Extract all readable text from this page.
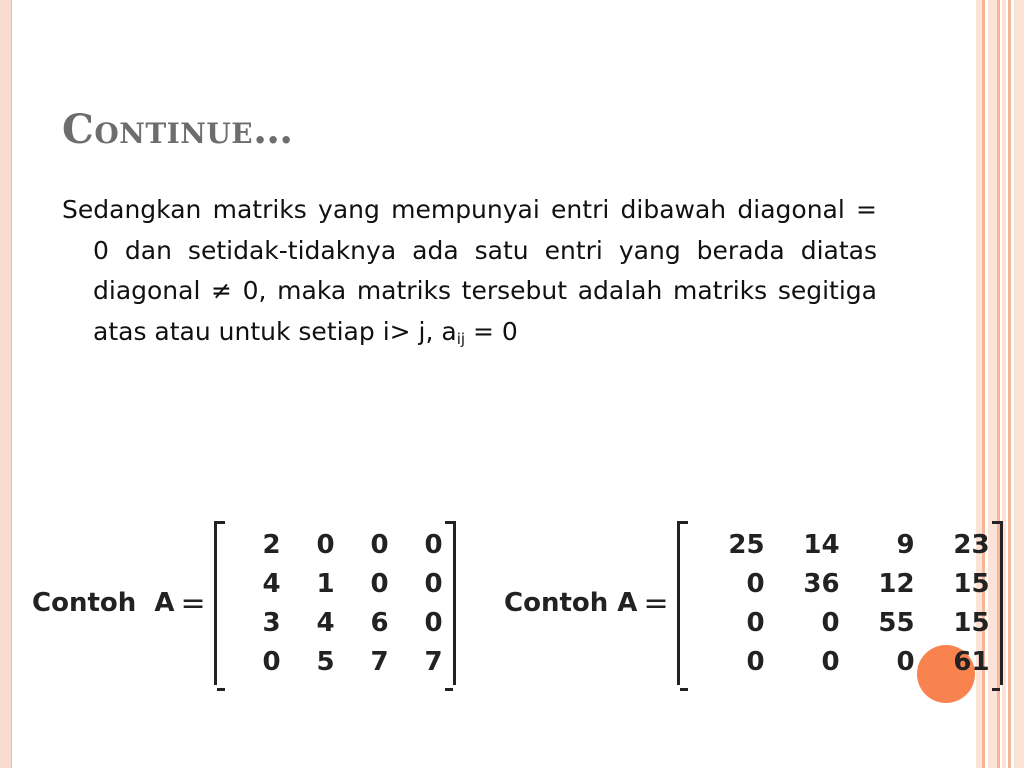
Continue…

Sedangkan matriks yang mempunyai entri dibawah diagonal = 0 dan setidak-tidaknya ada satu entri yang berada diatas diagonal ≠ 0, maka matriks tersebut adalah matriks segitiga atas atau untuk setiap i> j, $a_{ij} = 0$

Contoh  A =
2	0	0	0
4	1	0	0
3	4	6	0
0	5	7	7
Contoh A =
25	14	9	23
0	36	12	15
0	0	55	15
0	0	0	61
